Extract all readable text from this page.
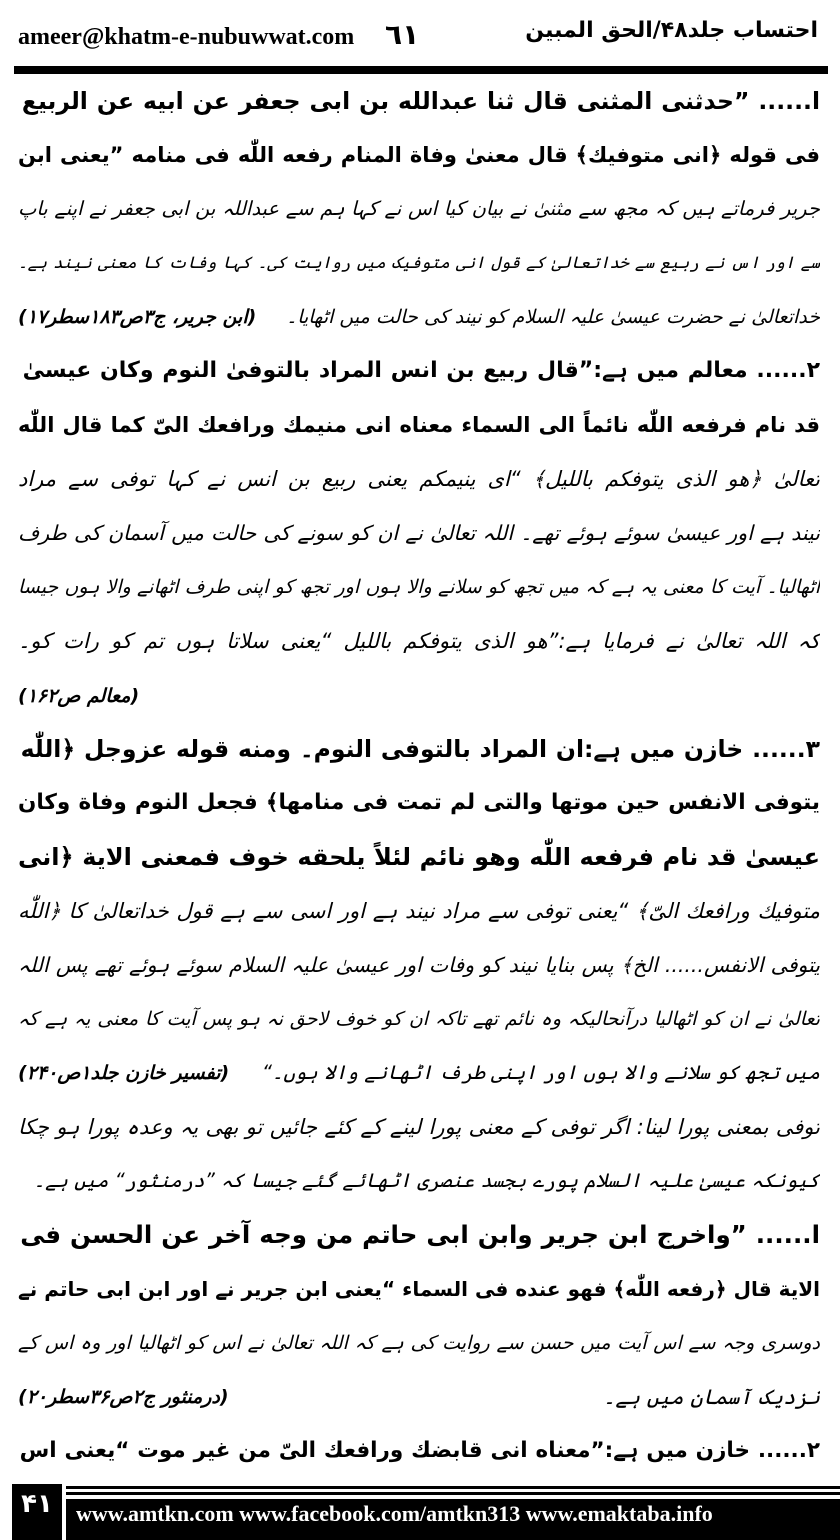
ameer@khatm-e-nubuwwat.com ٦١	احتساب جلد۴۸/الحق المبین
ا...... ”حدثنی المثنی قال ثنا عبدالله بن ابی جعفر عن ابیه عن الربیع
فی قوله ﴿انی متوفیك﴾ قال معنیٰ وفاة المنام رفعه اللّٰه فی منامه ”یعنی ابن
جریر فرماتے ہیں کہ مجھ سے مثنیٰ نے بیان کیا اس نے کہا ہم سے عبداللہ بن ابی جعفر نے اپنے باپ
سے اور اس نے ربیع سے خداتعالیٰ کے قول انی متوفیک میں روایت کی۔ کہا وفات کا معنی نیند ہے۔
خداتعالیٰ نے حضرت عیسیٰ علیہ السلام کو نیند کی حالت میں اٹھایا۔
(ابن جریر، ج۳ص۱۸۳سطر۱۷)
۲...... معالم میں ہے:”قال ربیع بن انس المراد بالتوفیٰ النوم وکان عیسیٰ
قد نام فرفعه اللّٰه نائماً الی السماء معناه انی منیمك ورافعك الیّ کما قال اللّٰه
تعالیٰ ﴿هو الذی یتوفکم باللیل﴾ “ای ینیمکم یعنی ربیع بن انس نے کہا توفی سے مراد
نیند ہے اور عیسیٰ سوئے ہوئے تھے۔ اللہ تعالیٰ نے ان کو سونے کی حالت میں آسمان کی طرف
اٹھالیا۔ آیت کا معنی یہ ہے کہ میں تجھ کو سلانے والا ہوں اور تجھ کو اپنی طرف اٹھانے والا ہوں جیسا
کہ اللہ تعالیٰ نے فرمایا ہے:”هو الذی یتوفکم باللیل “یعنی سلاتا ہوں تم کو رات کو۔
(معالم ص۱۶۲)
۳...... خازن میں ہے:ان المراد بالتوفی النوم۔ ومنه قوله عزوجل ﴿اللّٰه
یتوفی الانفس حین موتها والتی لم تمت فی منامها﴾ فجعل النوم وفاة وکان
عیسیٰ قد نام فرفعه اللّٰه وهو نائم لئلاً یلحقه خوف فمعنی الایة ﴿انی
متوفیك ورافعك الیّ﴾ “یعنی توفی سے مراد نیند ہے اور اسی سے ہے قول خداتعالیٰ کا ﴿اللّٰه
یتوفی الانفس...... الخ﴾ پس بنایا نیند کو وفات اور عیسیٰ علیہ السلام سوئے ہوئے تھے پس اللہ
تعالیٰ نے ان کو اٹھالیا درآنحالیکہ وہ نائم تھے تاکہ ان کو خوف لاحق نہ ہو پس آیت کا معنی یہ ہے کہ
میں تجھ کو سلانے والا ہوں اور اپنی طرف اٹھانے والا ہوں۔“
(تفسیر خازن جلد۱ص۲۴۰)
توفی بمعنی پورا لینا: اگر توفی کے معنی پورا لینے کے کئے جائیں تو بھی یہ وعدہ پورا ہو چکا
کیونکہ عیسیٰ علیہ السلام پورے بجسد عنصری اٹھائے گئے جیسا کہ ”درمنثور“ میں ہے۔
ا...... ”واخرج ابن جریر وابن ابی حاتم من وجه آخر عن الحسن فی
الایة قال ﴿رفعه اللّٰه﴾ فهو عنده فی السماء “یعنی ابن جریر نے اور ابن ابی حاتم نے
دوسری وجہ سے اس آیت میں حسن سے روایت کی ہے کہ اللہ تعالیٰ نے اس کو اٹھالیا اور وہ اس کے
نزدیک آسمان میں ہے۔
(درمنثور ج۲ص۳۶سطر۲۰)
۲...... خازن میں ہے:”معناه انی قابضك ورافعك الیّ من غیر موت “یعنی اس
۴۱	www.amtkn.com www.facebook.com/amtkn313 www.emaktaba.info
